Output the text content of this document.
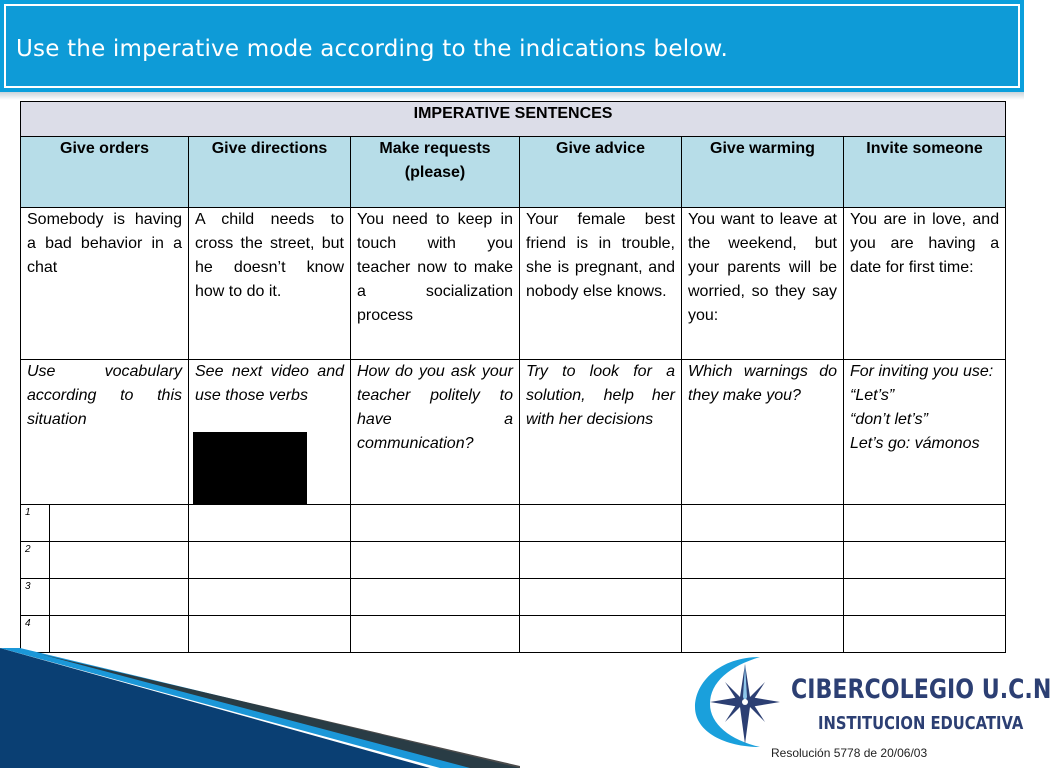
Use the imperative mode according to the indications below.
IMPERATIVE SENTENCES						
Give orders		Give directions	Make requests (please)	Give advice	Give warming	Invite someone
Somebody is having a bad behavior in a chat		A child needs to cross the street, but he doesn’t know how to do it.	You need to keep in touch with you teacher now to make a socialization process	Your female best friend is in trouble, she is pregnant, and nobody else knows.	You want to leave at the weekend, but your parents will be worried, so they say you:	You are in love, and you are having a date for first time:
Use vocabulary according to this situation		See next video and use those verbs	How do you ask your teacher politely to have a communication?	Try to look for a solution, help her with her decisions	Which warnings do they make you?	For inviting you use: “Let’s”
“don’t let’s”
Let’s go: vámonos

1						
2						
3						
4						
CIBERCOLEGIO U.C.N
INSTITUCION EDUCATIVA
Resolución 5778 de 20/06/03
